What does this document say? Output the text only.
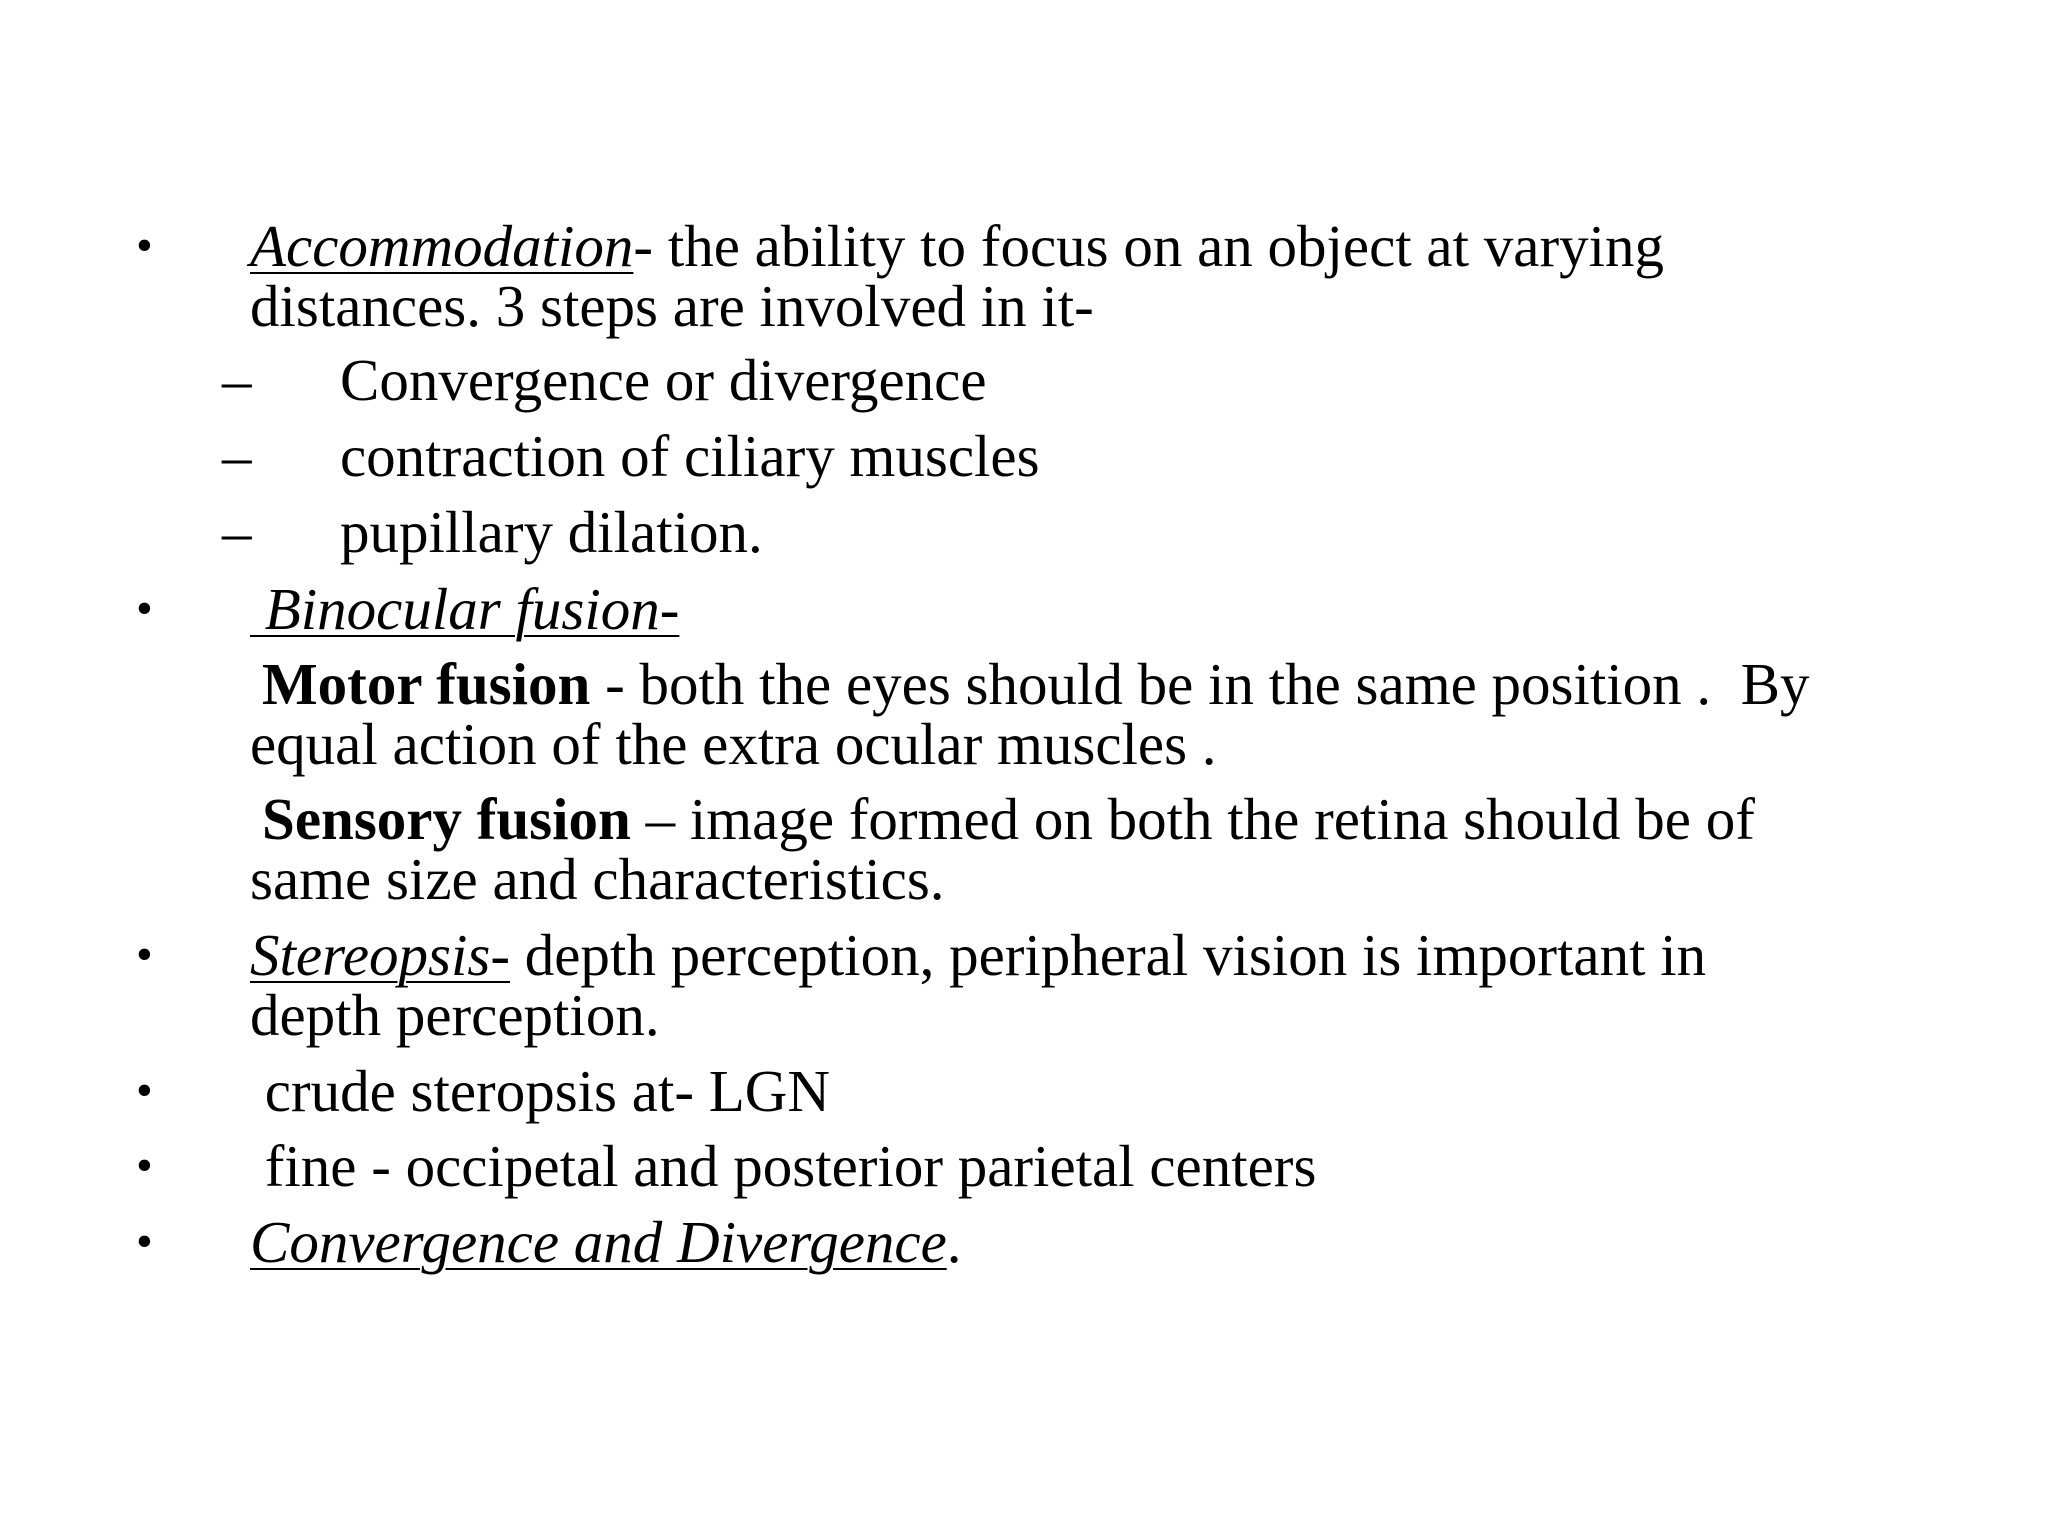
• Accommodation- the ability to focus on an object at varying
distances. 3 steps are involved in it-
– Convergence or divergence
– contraction of ciliary muscles
– pupillary dilation.
• Binocular fusion-
Motor fusion - both the eyes should be in the same position .  By
equal action of the extra ocular muscles .
Sensory fusion – image formed on both the retina should be of
same size and characteristics.
• Stereopsis- depth perception, peripheral vision is important in
depth perception.
• crude steropsis at- LGN
• fine - occipetal and posterior parietal centers
• Convergence and Divergence.
